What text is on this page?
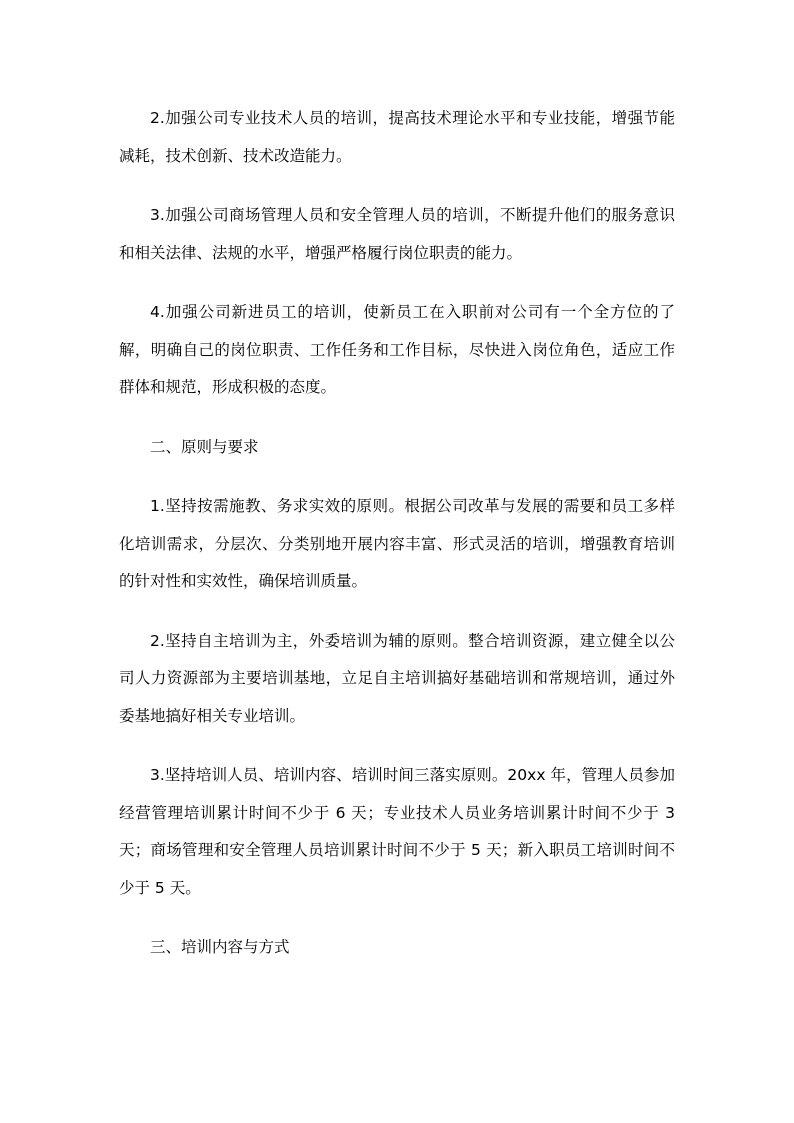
2.加强公司专业技术人员的培训，提高技术理论水平和专业技能，增强节能减耗，技术创新、技术改造能力。

3.加强公司商场管理人员和安全管理人员的培训，不断提升他们的服务意识和相关法律、法规的水平，增强严格履行岗位职责的能力。

4.加强公司新进员工的培训，使新员工在入职前对公司有一个全方位的了解，明确自己的岗位职责、工作任务和工作目标，尽快进入岗位角色，适应工作群体和规范，形成积极的态度。

二、原则与要求

1.坚持按需施教、务求实效的原则。根据公司改革与发展的需要和员工多样化培训需求，分层次、分类别地开展内容丰富、形式灵活的培训，增强教育培训的针对性和实效性，确保培训质量。

2.坚持自主培训为主，外委培训为辅的原则。整合培训资源，建立健全以公司人力资源部为主要培训基地，立足自主培训搞好基础培训和常规培训，通过外委基地搞好相关专业培训。

3.坚持培训人员、培训内容、培训时间三落实原则。20xx 年，管理人员参加经营管理培训累计时间不少于 6 天；专业技术人员业务培训累计时间不少于 3 天；商场管理和安全管理人员培训累计时间不少于 5 天；新入职员工培训时间不少于 5 天。

三、培训内容与方式
